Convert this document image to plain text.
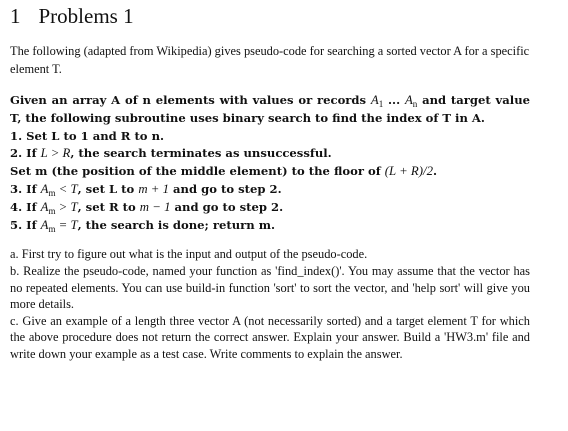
1 Problems 1

The following (adapted from Wikipedia) gives pseudo-code for searching a sorted vector A for a specific element T.

Given an array A of n elements with values or records $A_1$ ... $A_n$ and target value T, the following subroutine uses binary search to find the index of T in A.
1. Set L to 1 and R to n.
2. If L > R, the search terminates as unsuccessful.
Set m (the position of the middle element) to the floor of (L + R)/2.
3. If $A_m < T$, set L to m + 1 and go to step 2.
4. If $A_m > T$, set R to m − 1 and go to step 2.
5. If $A_m = T$, the search is done; return m.

a. First try to figure out what is the input and output of the pseudo-code.

b. Realize the pseudo-code, named your function as 'find_index()'. You may assume that the vector has no repeated elements. You can use build-in function 'sort' to sort the vector, and 'help sort' will give you more details.

c. Give an example of a length three vector A (not necessarily sorted) and a target element T for which the above procedure does not return the correct answer. Explain your answer. Build a 'HW3.m' file and write down your example as a test case. Write comments to explain the answer.
